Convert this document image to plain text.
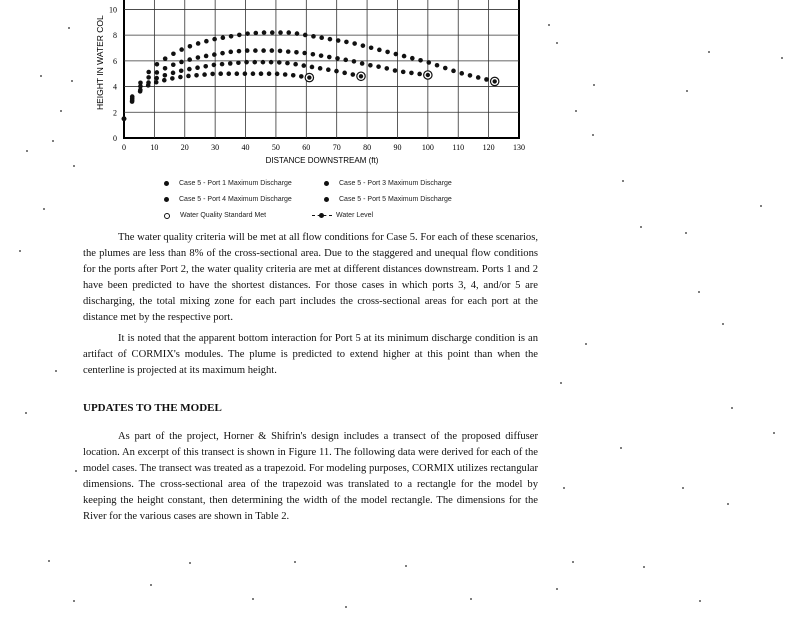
0	10	20	30	40	50	60	70	80	90	100 110 120 130
0
2
4
6
8
10
HEIGHT IN WATER COL
DISTANCE DOWNSTREAM (ft)
Case 5 - Port 1 Maximum Discharge	Case 5 - Port 3 Maximum Discharge
Case 5 - Port 4 Maximum Discharge	Case 5 - Port 5 Maximum Discharge
Water Quality Standard Met	Water Level
The water quality criteria will be met at all flow conditions for Case 5. For each of these scenarios, the plumes are less than 8% of the cross-sectional area. Due to the staggered and unequal flow conditions for the ports after Port 2, the water quality criteria are met at different distances downstream. Ports 1 and 2 have been predicted to have the shortest distances. For those cases in which ports 3, 4, and/or 5 are discharging, the total mixing zone for each part includes the cross-sectional areas for each port at the distance met by the respective port.
It is noted that the apparent bottom interaction for Port 5 at its minimum discharge condition is an artifact of CORMIX's modules. The plume is predicted to extend higher at this point than when the centerline is projected at its maximum height.
UPDATES TO THE MODEL
As part of the project, Horner & Shifrin's design includes a transect of the proposed diffuser location. An excerpt of this transect is shown in Figure 11. The following data were derived for each of the model cases. The transect was treated as a trapezoid. For modeling purposes, CORMIX utilizes rectangular dimensions. The cross-sectional area of the trapezoid was translated to a rectangle for the model by keeping the height constant, then determining the width of the model rectangle. The dimensions for the River for the various cases are shown in Table 2.
